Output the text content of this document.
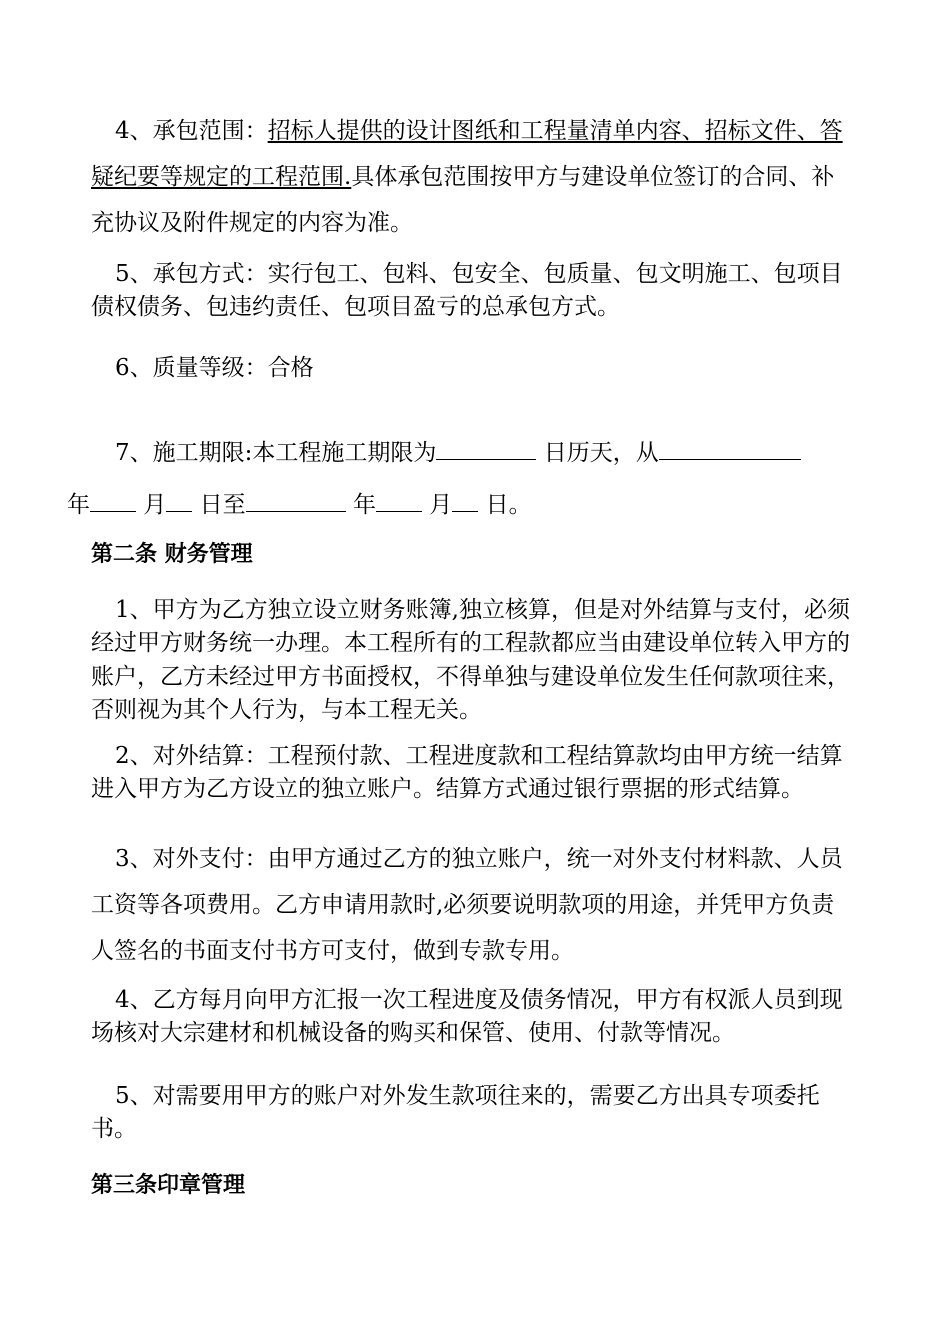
4、承包范围：招标人提供的设计图纸和工程量清单内容、招标文件、答疑纪要等规定的工程范围.具体承包范围按甲方与建设单位签订的合同、补充协议及附件规定的内容为准。

5、承包方式：实行包工、包料、包安全、包质量、包文明施工、包项目债权债务、包违约责任、包项目盈亏的总承包方式。

6、质量等级：合格

7、施工期限:本工程施工期限为	日历天，从
年 月 日至	年 月 日。

第二条 财务管理

1、甲方为乙方独立设立财务账簿,独立核算，但是对外结算与支付，必须经过甲方财务统一办理。本工程所有的工程款都应当由建设单位转入甲方的账户，乙方未经过甲方书面授权，不得单独与建设单位发生任何款项往来，否则视为其个人行为，与本工程无关。

2、对外结算：工程预付款、工程进度款和工程结算款均由甲方统一结算进入甲方为乙方设立的独立账户。结算方式通过银行票据的形式结算。

3、对外支付：由甲方通过乙方的独立账户，统一对外支付材料款、人员工资等各项费用。乙方申请用款时,必须要说明款项的用途，并凭甲方负责人签名的书面支付书方可支付，做到专款专用。

4、乙方每月向甲方汇报一次工程进度及债务情况，甲方有权派人员到现场核对大宗建材和机械设备的购买和保管、使用、付款等情况。

5、对需要用甲方的账户对外发生款项往来的，需要乙方出具专项委托书。

第三条印章管理
